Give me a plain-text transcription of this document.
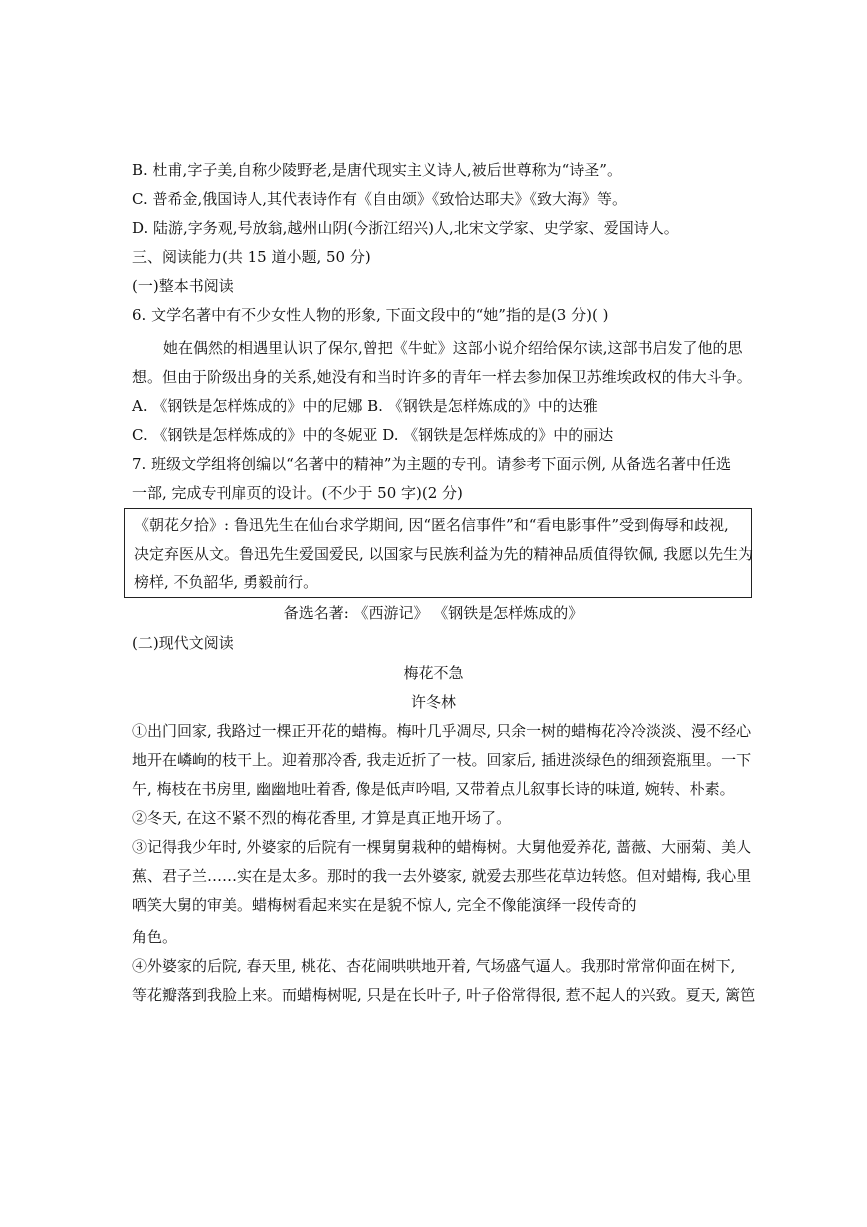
B. 杜甫,字子美,自称少陵野老,是唐代现实主义诗人,被后世尊称为“诗圣”。
C. 普希金,俄国诗人,其代表诗作有《自由颂》《致恰达耶夫》《致大海》等。
D. 陆游,字务观,号放翁,越州山阴(今浙江绍兴)人,北宋文学家、史学家、爱国诗人。
三、阅读能力(共 15 道小题, 50 分)
(一)整本书阅读
6. 文学名著中有不少女性人物的形象, 下面文段中的“她”指的是(3 分)( )
她在偶然的相遇里认识了保尔,曾把《牛虻》这部小说介绍给保尔读,这部书启发了他的思
想。但由于阶级出身的关系,她没有和当时许多的青年一样去参加保卫苏维埃政权的伟大斗争。
A. 《钢铁是怎样炼成的》中的尼娜 B. 《钢铁是怎样炼成的》中的达雅
C. 《钢铁是怎样炼成的》中的冬妮亚 D. 《钢铁是怎样炼成的》中的丽达
7. 班级文学组将创编以“名著中的精神”为主题的专刊。请参考下面示例, 从备选名著中任选
一部, 完成专刊扉页的设计。(不少于 50 字)(2 分)
《朝花夕拾》: 鲁迅先生在仙台求学期间, 因“匿名信事件”和“看电影事件”受到侮辱和歧视,
决定弃医从文。鲁迅先生爱国爱民, 以国家与民族利益为先的精神品质值得钦佩, 我愿以先生为
榜样, 不负韶华, 勇毅前行。
备选名著: 《西游记》 《钢铁是怎样炼成的》
(二)现代文阅读
梅花不急
许冬林
①出门回家, 我路过一棵正开花的蜡梅。梅叶几乎凋尽, 只余一树的蜡梅花冷冷淡淡、漫不经心
地开在嶙峋的枝干上。迎着那冷香, 我走近折了一枝。回家后, 插进淡绿色的细颈瓷瓶里。一下
午, 梅枝在书房里, 幽幽地吐着香, 像是低声吟唱, 又带着点儿叙事长诗的味道, 婉转、朴素。
②冬天, 在这不紧不烈的梅花香里, 才算是真正地开场了。
③记得我少年时, 外婆家的后院有一棵舅舅栽种的蜡梅树。大舅他爱养花, 蔷薇、大丽菊、美人
蕉、君子兰……实在是太多。那时的我一去外婆家, 就爱去那些花草边转悠。但对蜡梅, 我心里
哂笑大舅的审美。蜡梅树看起来实在是貌不惊人, 完全不像能演绎一段传奇的
角色。
④外婆家的后院, 春天里, 桃花、杏花闹哄哄地开着, 气场盛气逼人。我那时常常仰面在树下,
等花瓣落到我脸上来。而蜡梅树呢, 只是在长叶子, 叶子俗常得很, 惹不起人的兴致。夏天, 篱笆
